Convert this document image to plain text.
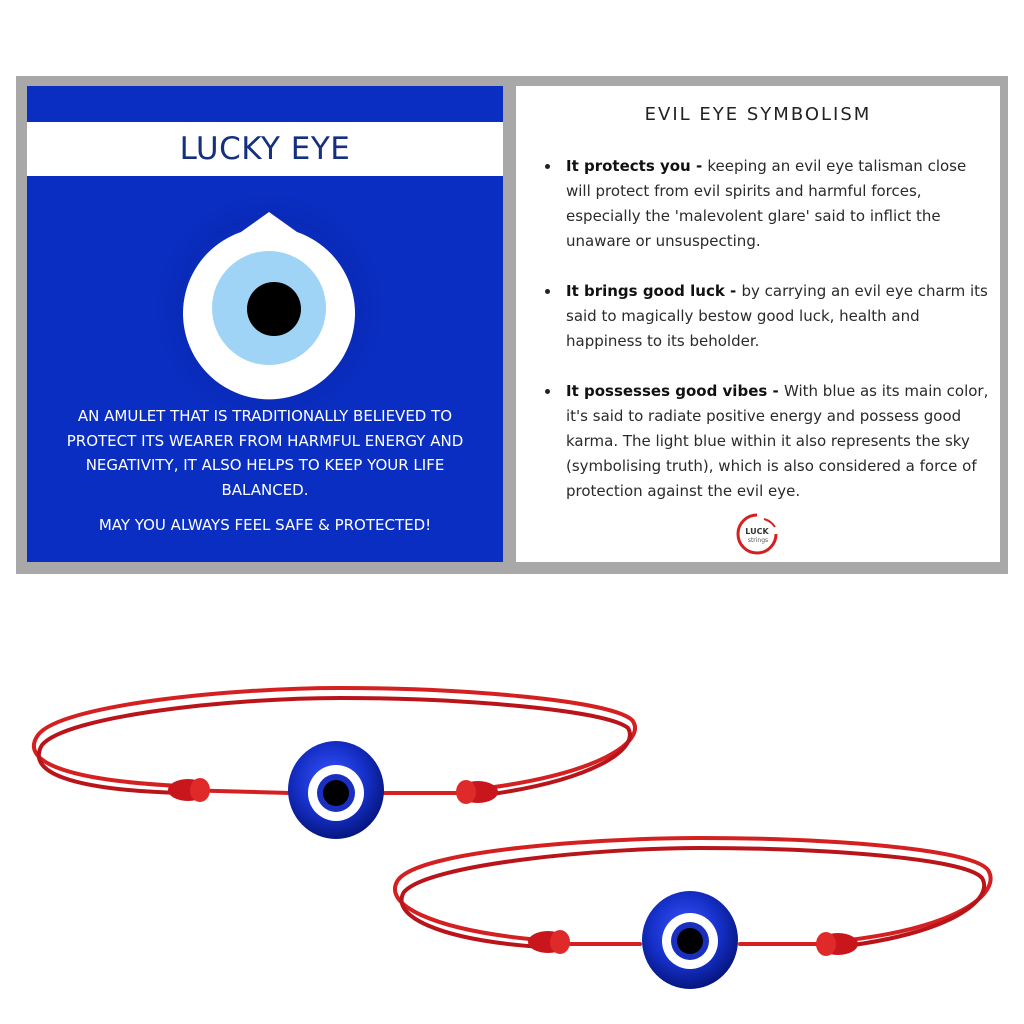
LUCKY EYE

AN AMULET THAT IS TRADITIONALLY BELIEVED TO PROTECT ITS WEARER FROM HARMFUL ENERGY AND NEGATIVITY, IT ALSO HELPS TO KEEP YOUR LIFE BALANCED.

MAY YOU ALWAYS FEEL SAFE & PROTECTED!

EVIL EYE SYMBOLISM
It protects you - keeping an evil eye talisman close will protect from evil spirits and harmful forces, especially the 'malevolent glare' said to inflict the unaware or unsuspecting.
It brings good luck - by carrying an evil eye charm its said to magically bestow good luck, health and happiness to its beholder.
It possesses good vibes - With blue as its main color, it's said to radiate positive energy and possess good karma. The light blue within it also represents the sky (symbolising truth), which is also considered a force of protection against the evil eye.
LUCK
strings
